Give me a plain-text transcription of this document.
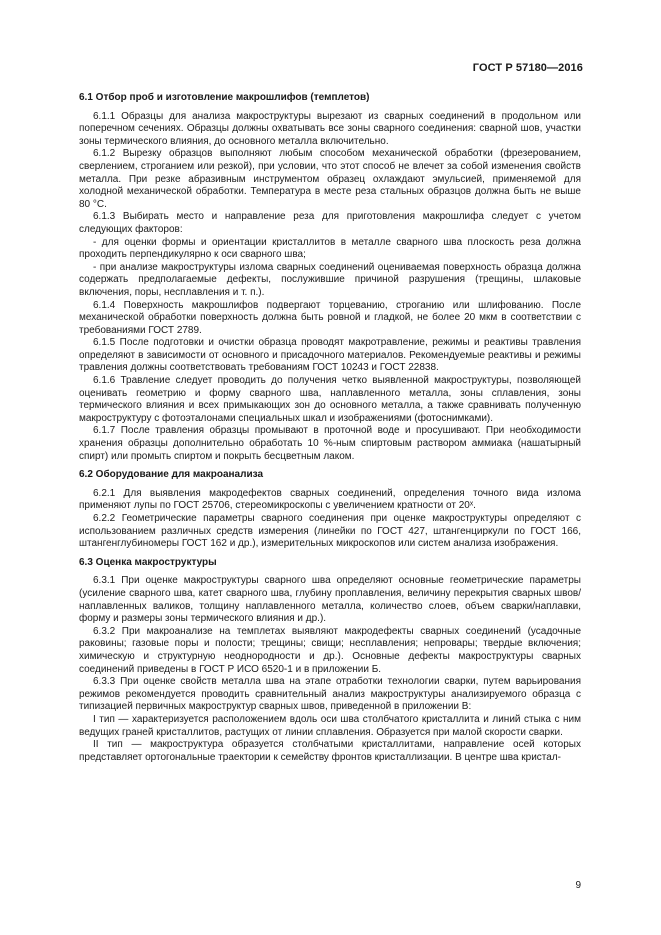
ГОСТ Р 57180—2016
6.1 Отбор проб и изготовление макрошлифов (темплетов)

6.1.1 Образцы для анализа макроструктуры вырезают из сварных соединений в продольном или поперечном сечениях. Образцы должны охватывать все зоны сварного соединения: сварной шов, участки зоны термического влияния, до основного металла включительно.

6.1.2 Вырезку образцов выполняют любым способом механической обработки (фрезерованием, сверлением, строганием или резкой), при условии, что этот способ не влечет за собой изменения свойств металла. При резке абразивным инструментом образец охлаждают эмульсией, применяемой для холодной механической обработки. Температура в месте реза стальных образцов должна быть не выше 80 °С.

6.1.3 Выбирать место и направление реза для приготовления макрошлифа следует с учетом следующих факторов:

- для оценки формы и ориентации кристаллитов в металле сварного шва плоскость реза должна проходить перпендикулярно к оси сварного шва;

- при анализе макроструктуры излома сварных соединений оцениваемая поверхность образца должна содержать предполагаемые дефекты, послужившие причиной разрушения (трещины, шлаковые включения, поры, несплавления и т. п.).

6.1.4 Поверхность макрошлифов подвергают торцеванию, строганию или шлифованию. После механической обработки поверхность должна быть ровной и гладкой, не более 20 мкм в соответствии с требованиями ГОСТ 2789.

6.1.5 После подготовки и очистки образца проводят макротравление, режимы и реактивы травления определяют в зависимости от основного и присадочного материалов. Рекомендуемые реактивы и режимы травления должны соответствовать требованиям ГОСТ 10243 и ГОСТ 22838.

6.1.6 Травление следует проводить до получения четко выявленной макроструктуры, позволяющей оценивать геометрию и форму сварного шва, наплавленного металла, зоны сплавления, зоны термического влияния и всех примыкающих зон до основного металла, а также сравнивать полученную макроструктуру с фотоэталонами специальных шкал и изображениями (фотоснимками).

6.1.7 После травления образцы промывают в проточной воде и просушивают. При необходимости хранения образцы дополнительно обработать 10 %-ным спиртовым раствором аммиака (нашатырный спирт) или промыть спиртом и покрыть бесцветным лаком.

6.2 Оборудование для макроанализа

6.2.1 Для выявления макродефектов сварных соединений, определения точного вида излома применяют лупы по ГОСТ 25706, стереомикроскопы с увеличением кратности от 20ˣ.

6.2.2 Геометрические параметры сварного соединения при оценке макроструктуры определяют с использованием различных средств измерения (линейки по ГОСТ 427, штангенциркули по ГОСТ 166, штангенглубиномеры ГОСТ 162 и др.), измерительных микроскопов или систем анализа изображения.

6.3 Оценка макроструктуры

6.3.1 При оценке макроструктуры сварного шва определяют основные геометрические параметры (усиление сварного шва, катет сварного шва, глубину проплавления, величину перекрытия сварных швов/наплавленных валиков, толщину наплавленного металла, количество слоев, объем сварки/наплавки, форму и размеры зоны термического влияния и др.).

6.3.2 При макроанализе на темплетах выявляют макродефекты сварных соединений (усадочные раковины; газовые поры и полости; трещины; свищи; несплавления; непровары; твердые включения; химическую и структурную неоднородности и др.). Основные дефекты макроструктуры сварных соединений приведены в ГОСТ Р ИСО 6520-1 и в приложении Б.

6.3.3 При оценке свойств металла шва на этапе отработки технологии сварки, путем варьирования режимов рекомендуется проводить сравнительный анализ макроструктуры анализируемого образца с типизацией первичных макроструктур сварных швов, приведенной в приложении В:

I тип — характеризуется расположением вдоль оси шва столбчатого кристаллита и линий стыка с ним ведущих граней кристаллитов, растущих от линии сплавления. Образуется при малой скорости сварки.

II тип — макроструктура образуется столбчатыми кристаллитами, направление осей которых представляет ортогональные траектории к семейству фронтов кристаллизации. В центре шва кристал-

9
